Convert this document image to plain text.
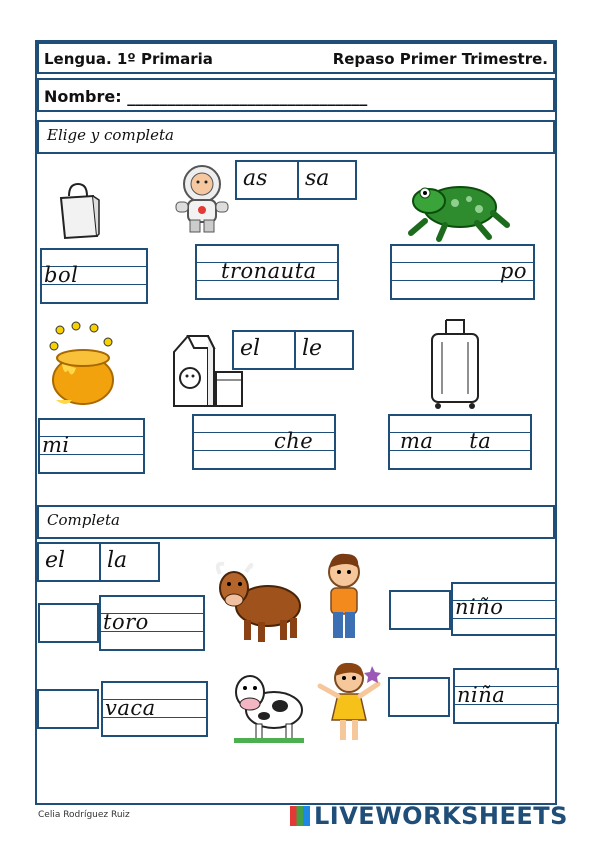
Lengua. 1º Primaria	Repaso Primer Trimestre.
Nombre: ______________________________
Elige y completa
as	sa
el	le
bol	tronauta	po
mi	che	ma     ta
Completa
el	la
toro
niño
vaca
niña
Celia Rodríguez Ruiz	LIVEWORKSHEETS
